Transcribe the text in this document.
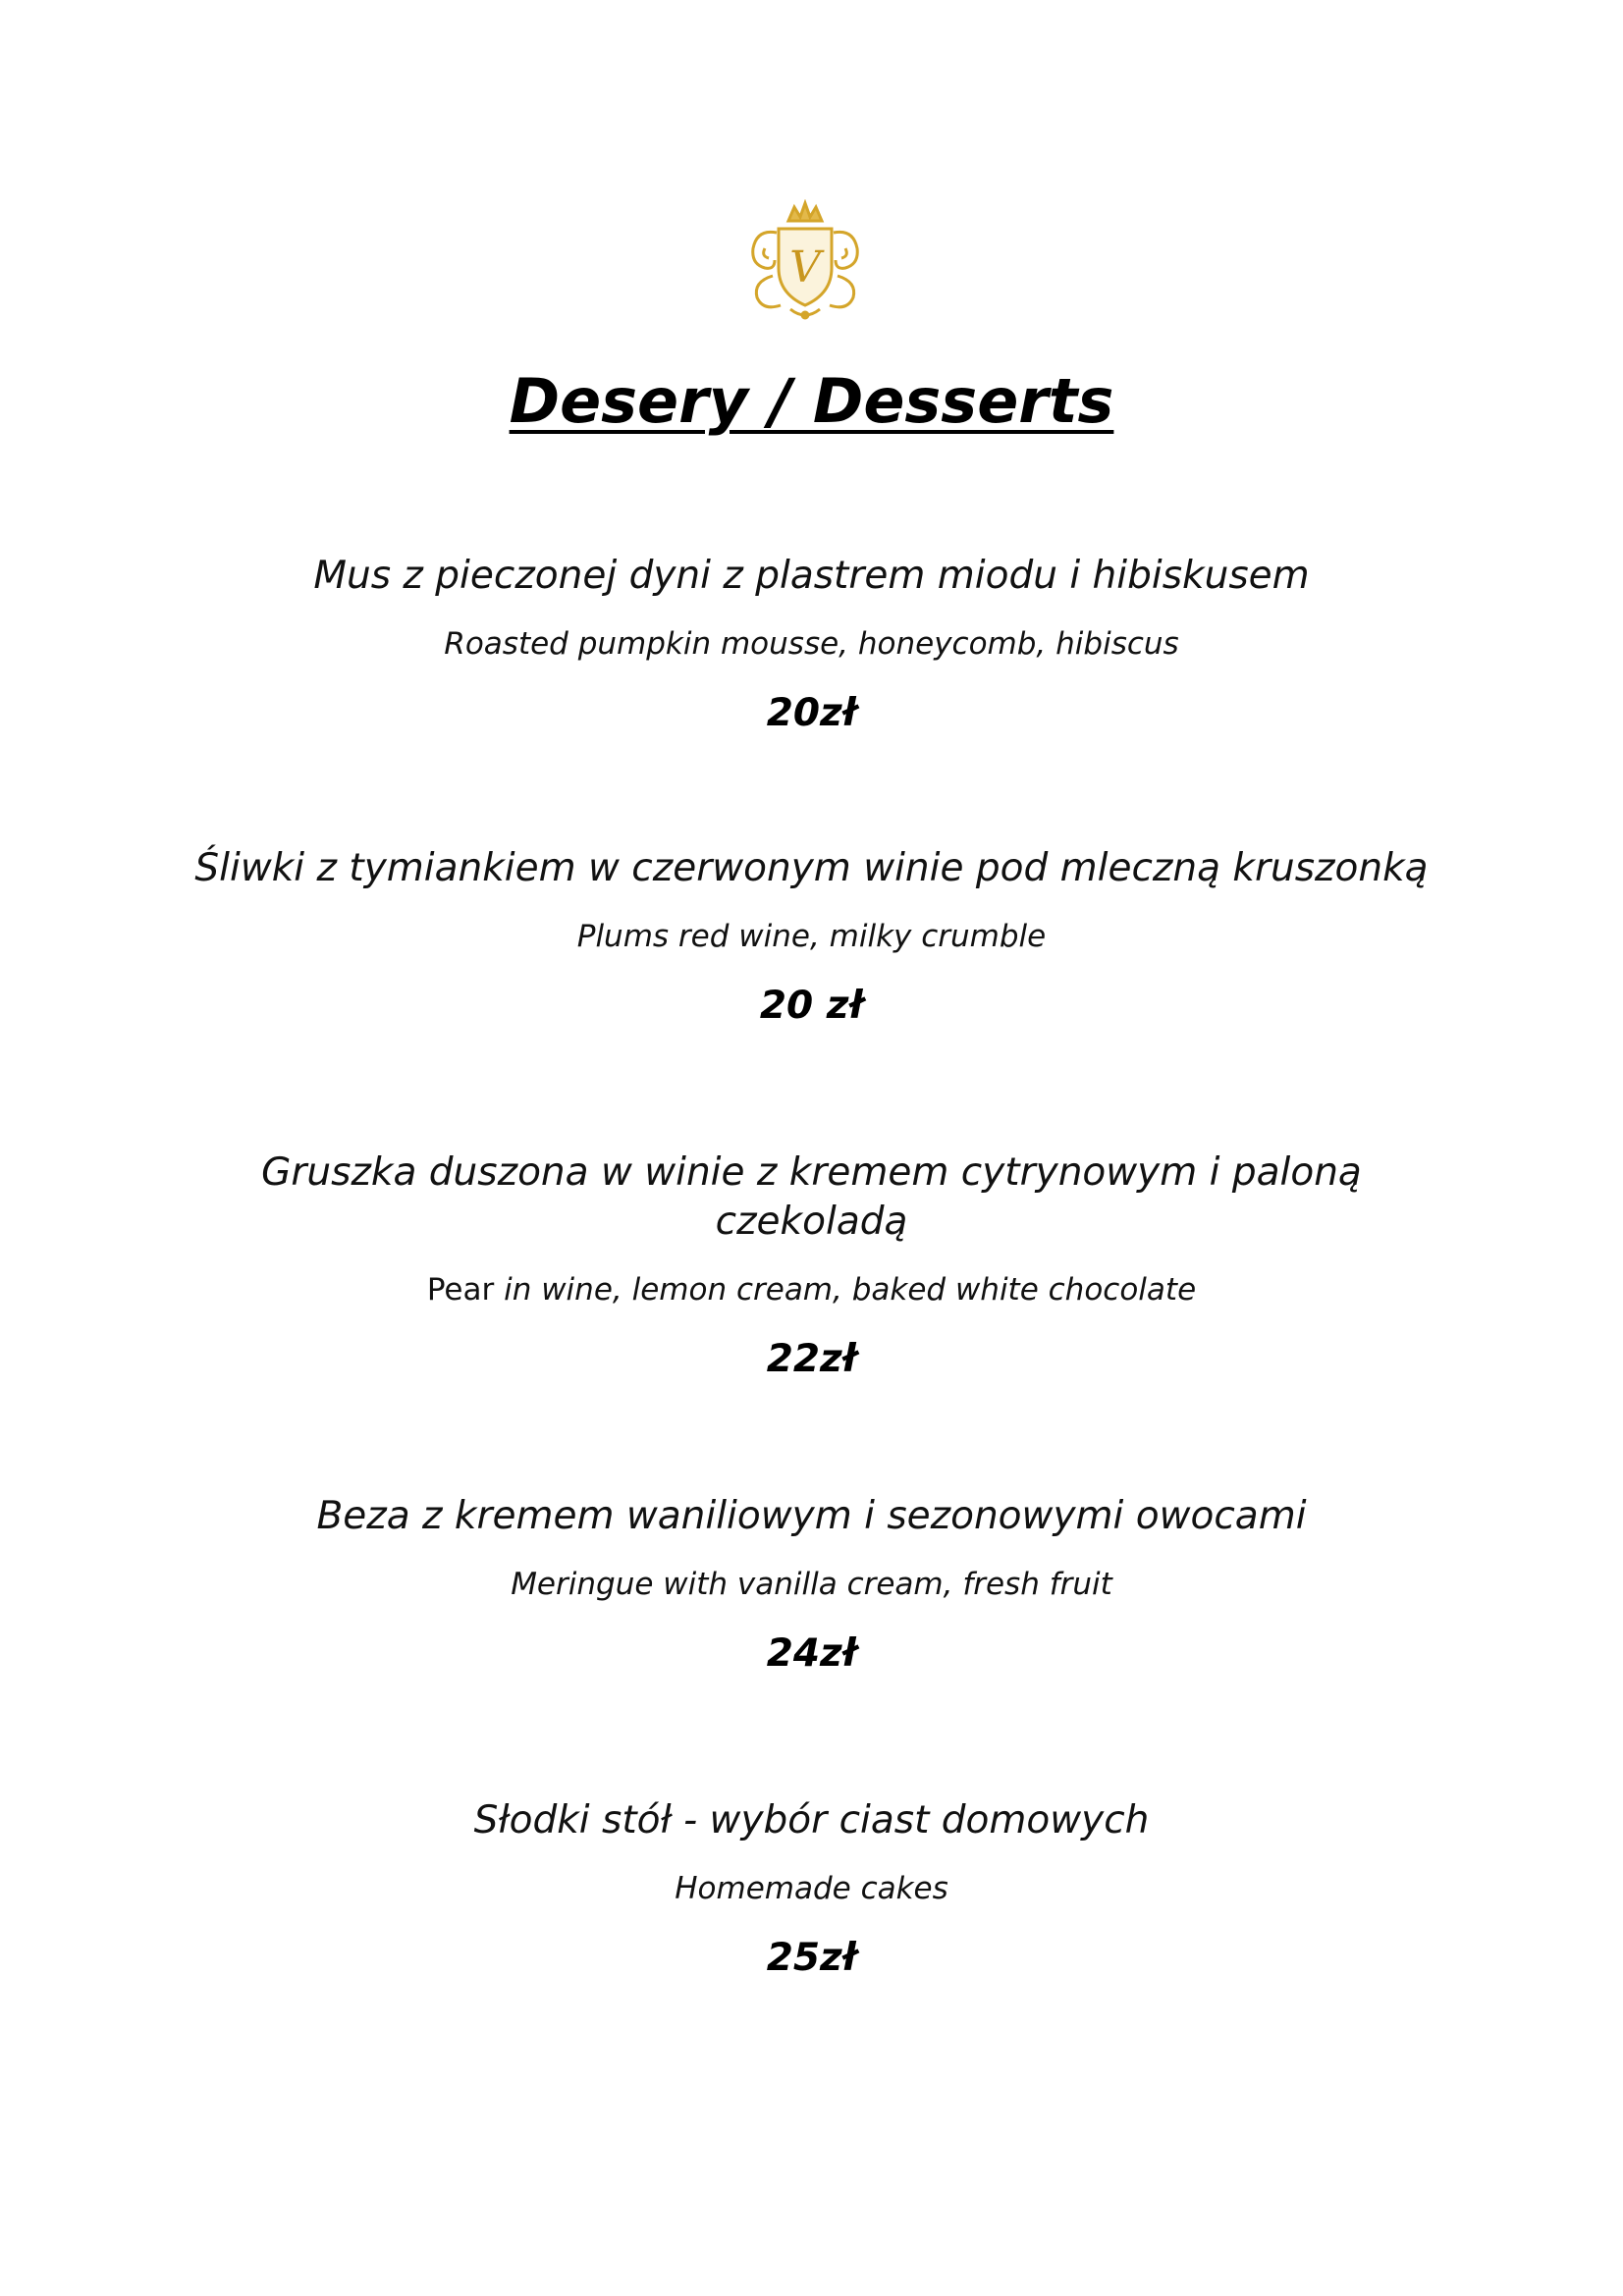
V
Desery / Desserts

Mus z pieczonej dyni z plastrem miodu i hibiskusem

Roasted pumpkin mousse, honeycomb, hibiscus

20zł

Śliwki z tymiankiem w czerwonym winie pod mleczną kruszonką

Plums red wine, milky crumble

20 zł

Gruszka duszona w winie z kremem cytrynowym i paloną czekoladą

Pear in wine, lemon cream, baked white chocolate

22zł

Beza z kremem waniliowym i sezonowymi owocami

Meringue with vanilla cream, fresh fruit

24zł

Słodki stół - wybór ciast domowych

Homemade cakes

25zł
